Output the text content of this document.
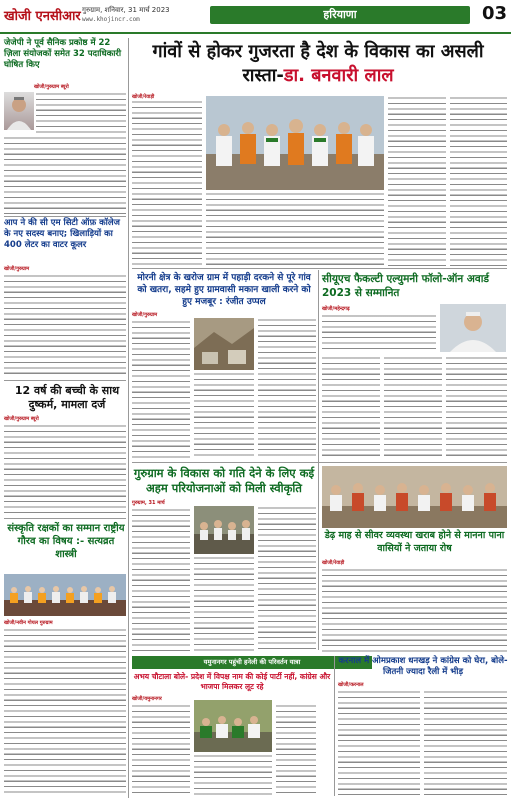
खोजी एनसीआर गुरुग्राम, शनिवार, 31 मार्च 2023
www.khojincr.com	हरियाणा	03
जेजेपी ने पूर्व सैनिक प्रकोष्ठ में 22 ज़िला संयोजकों समेत 32 पदाधिकारी घोषित किए
खोजी/गुरुग्राम ब्यूरो
आप ने की सी एम सिटी ऑफ़ कॉलेज के नए सदस्य बनाए; खिलाड़ियों का 400 लेटर का वाटर कूलर
खोजी/गुरुग्राम
12 वर्ष की बच्ची के साथ दुष्कर्म, मामला दर्ज
खोजी/गुरुग्राम ब्यूरो
संस्कृति रक्षकों का सम्मान राष्ट्रीय गौरव का विषय :- सत्यव्रत शास्त्री
खोजी/नवीन गोयल गुरुग्राम
गांवों से होकर गुजरता है देश के विकास का असली रास्ता-डा. बनवारी लाल
खोजी/रेवाड़ी
मोरनी क्षेत्र के खरोज ग्राम में पहाड़ी दरकने से पूरे गांव को खतरा, सहमे हुए ग्रामवासी मकान खाली करने को हुए मजबूर : रंजीत उप्पल
खोजी/गुरुग्राम
सीयूएच फैकल्टी एल्युमनी फॉलो-ऑन अवार्ड 2023 से सम्मानित
खोजी/महेन्द्रगढ़
गुरुग्राम के विकास को गति देने के लिए कई अहम परियोजनाओं को मिली स्वीकृति
गुरुग्राम, 31 मार्च
डेढ़ माह से सीवर व्यवस्था खराब होने से मानना पाना वासियों ने जताया रोष
खोजी/रेवाड़ी
यमुनानगर पहुंची हनेली की परिवर्तन यात्रा
अभय चौटाला बोले- प्रदेश में विपक्ष नाम की कोई पार्टी नहीं, कांग्रेस और भाजपा मिलकर लूट रहे
खोजी/यमुनानगर
करनाल में ओमप्रकाश धनखड़ ने कांग्रेस को घेरा, बोले- जितनी ज्यादा रैली में भीड़
खोजी/करनाल
